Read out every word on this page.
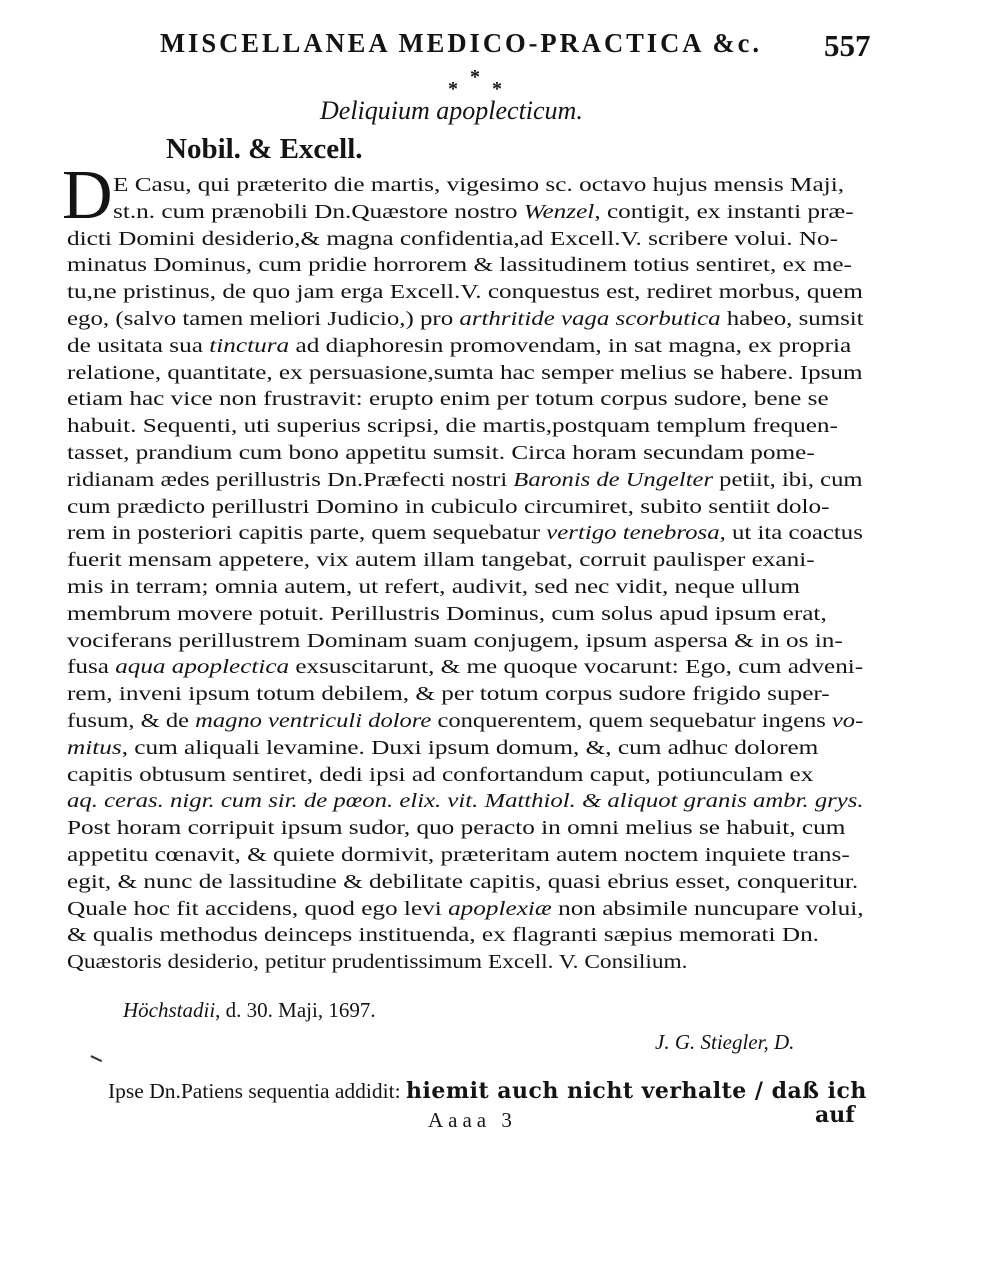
MISCELLANEA MEDICO-PRACTICA &c.	557
*
*
*
Deliquium apoplecticum.
Nobil. & Excell.
D E Casu, qui præterito die martis, vigesimo sc. octavo hujus mensis Maji,
st.n. cum prænobili Dn.Quæstore nostro Wenzel, contigit, ex instanti præ-
dicti Domini desiderio,& magna confidentia,ad Excell.V. scribere volui. No-
minatus Dominus, cum pridie horrorem & lassitudinem totius sentiret, ex me-
tu,ne pristinus, de quo jam erga Excell.V. conquestus est, rediret morbus, quem
ego, (salvo tamen meliori Judicio,) pro arthritide vaga scorbutica habeo, sumsit
de usitata sua tinctura ad diaphoresin promovendam, in sat magna, ex propria
relatione, quantitate, ex persuasione,sumta hac semper melius se habere. Ipsum
etiam hac vice non frustravit: erupto enim per totum corpus sudore, bene se
habuit. Sequenti, uti superius scripsi, die martis,postquam templum frequen-
tasset, prandium cum bono appetitu sumsit. Circa horam secundam pome-
ridianam ædes perillustris Dn.Præfecti nostri Baronis de Ungelter petiit, ibi, cum
cum prædicto perillustri Domino in cubiculo circumiret, subito sentiit dolo-
rem in posteriori capitis parte, quem sequebatur vertigo tenebrosa, ut ita coactus
fuerit mensam appetere, vix autem illam tangebat, corruit paulisper exani-
mis in terram; omnia autem, ut refert, audivit, sed nec vidit, neque ullum
membrum movere potuit. Perillustris Dominus, cum solus apud ipsum erat,
vociferans perillustrem Dominam suam conjugem, ipsum aspersa & in os in-
fusa aqua apoplectica exsuscitarunt, & me quoque vocarunt: Ego, cum adveni-
rem, inveni ipsum totum debilem, & per totum corpus sudore frigido super-
fusum, & de magno ventriculi dolore conquerentem, quem sequebatur ingens vo-
mitus, cum aliquali levamine. Duxi ipsum domum, &, cum adhuc dolorem
capitis obtusum sentiret, dedi ipsi ad confortandum caput, potiunculam ex
aq. ceras. nigr. cum sir. de pœon. elix. vit. Matthiol. & aliquot granis ambr. grys.
Post horam corripuit ipsum sudor, quo peracto in omni melius se habuit, cum
appetitu cœnavit, & quiete dormivit, præteritam autem noctem inquiete trans-
egit, & nunc de lassitudine & debilitate capitis, quasi ebrius esset, conqueritur.
Quale hoc fit accidens, quod ego levi apoplexiæ non absimile nuncupare volui,
& qualis methodus deinceps instituenda, ex flagranti sæpius memorati Dn.
Quæstoris desiderio, petitur prudentissimum Excell. V. Consilium.
Höchstadii, d. 30. Maji, 1697.
J. G. Stiegler, D.
Ipse Dn.Patiens sequentia addidit: hiemit auch nicht verhalte / daß ich
Aaaa 3	auf
